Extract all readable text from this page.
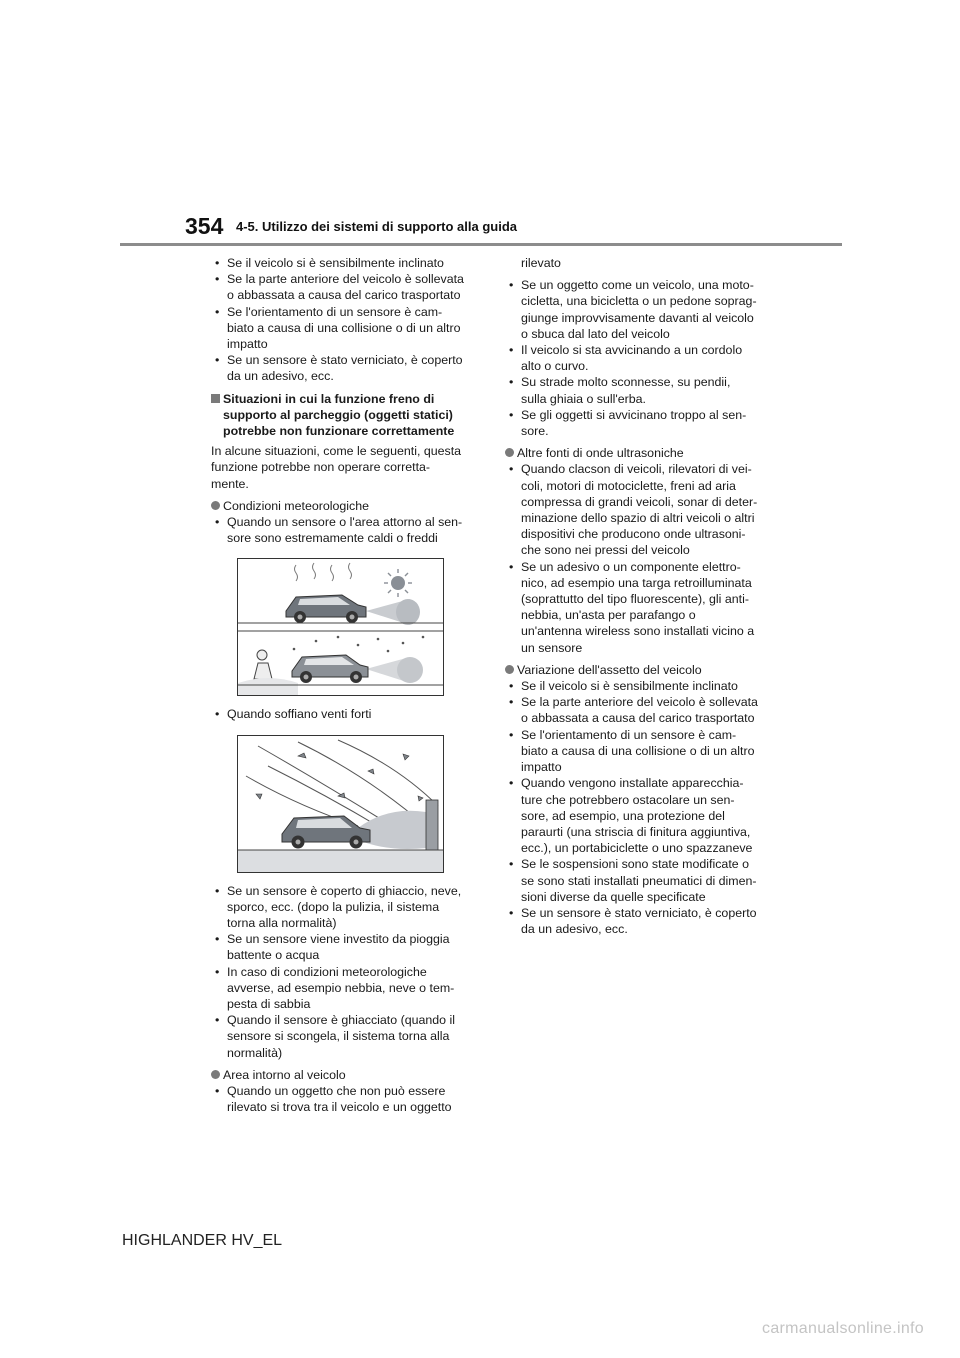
354 4-5. Utilizzo dei sistemi di supporto alla guida
• Se il veicolo si è sensibilmente inclinato
• Se la parte anteriore del veicolo è sollevata
o abbassata a causa del carico trasportato
• Se l'orientamento di un sensore è cam-
biato a causa di una collisione o di un altro
impatto
• Se un sensore è stato verniciato, è coperto
da un adesivo, ecc.
Situazioni in cui la funzione freno di
supporto al parcheggio (oggetti statici)
potrebbe non funzionare correttamente
In alcune situazioni, come le seguenti, questa
funzione potrebbe non operare corretta-
mente.
Condizioni meteorologiche
• Quando un sensore o l'area attorno al sen-
sore sono estremamente caldi o freddi
• Quando soffiano venti forti
• Se un sensore è coperto di ghiaccio, neve,
sporco, ecc. (dopo la pulizia, il sistema
torna alla normalità)
• Se un sensore viene investito da pioggia
battente o acqua
• In caso di condizioni meteorologiche
avverse, ad esempio nebbia, neve o tem-
pesta di sabbia
• Quando il sensore è ghiacciato (quando il
sensore si scongela, il sistema torna alla
normalità)
Area intorno al veicolo
• Quando un oggetto che non può essere
rilevato si trova tra il veicolo e un oggetto
rilevato
• Se un oggetto come un veicolo, una moto-
cicletta, una bicicletta o un pedone soprag-
giunge improvvisamente davanti al veicolo
o sbuca dal lato del veicolo
• Il veicolo si sta avvicinando a un cordolo
alto o curvo.
• Su strade molto sconnesse, su pendii,
sulla ghiaia o sull'erba.
• Se gli oggetti si avvicinano troppo al sen-
sore.
Altre fonti di onde ultrasoniche
• Quando clacson di veicoli, rilevatori di vei-
coli, motori di motociclette, freni ad aria
compressa di grandi veicoli, sonar di deter-
minazione dello spazio di altri veicoli o altri
dispositivi che producono onde ultrasoni-
che sono nei pressi del veicolo
• Se un adesivo o un componente elettro-
nico, ad esempio una targa retroilluminata
(soprattutto del tipo fluorescente), gli anti-
nebbia, un'asta per parafango o
un'antenna wireless sono installati vicino a
un sensore
Variazione dell'assetto del veicolo
• Se il veicolo si è sensibilmente inclinato
• Se la parte anteriore del veicolo è sollevata
o abbassata a causa del carico trasportato
• Se l'orientamento di un sensore è cam-
biato a causa di una collisione o di un altro
impatto
• Quando vengono installate apparecchia-
ture che potrebbero ostacolare un sen-
sore, ad esempio, una protezione del
paraurti (una striscia di finitura aggiuntiva,
ecc.), un portabiciclette o uno spazzaneve
• Se le sospensioni sono state modificate o
se sono stati installati pneumatici di dimen-
sioni diverse da quelle specificate
• Se un sensore è stato verniciato, è coperto
da un adesivo, ecc.
HIGHLANDER HV_EL
carmanualsonline.info
